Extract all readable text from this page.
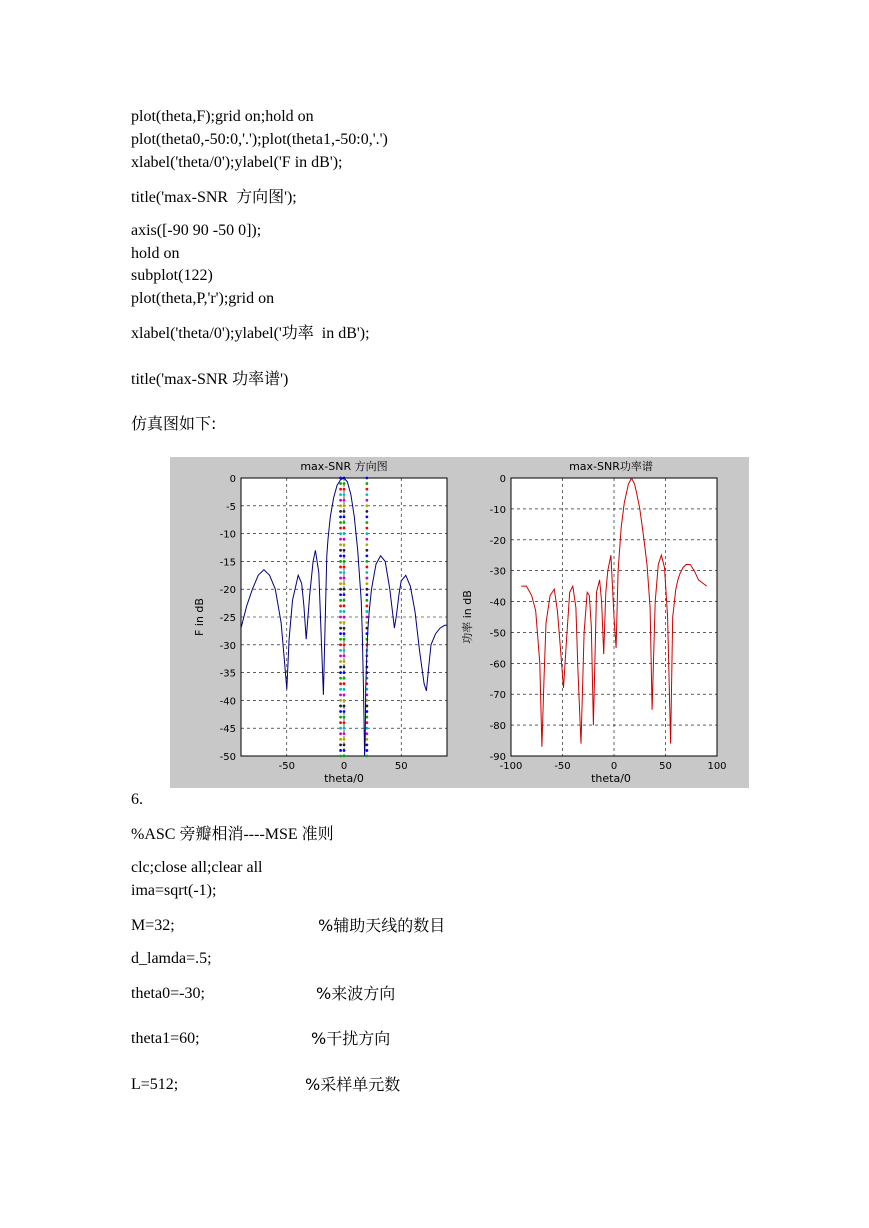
plot(theta,F);grid on;hold on
plot(theta0,-50:0,'.');plot(theta1,-50:0,'.')
xlabel('theta/0');ylabel('F in dB');
title('max-SNR  方向图');
axis([-90 90 -50 0]);
hold on
subplot(122)
plot(theta,P,'r');grid on
xlabel('theta/0');ylabel('功率  in dB');
title('max-SNR 功率谱')
仿真图如下:
0
-5
-10
-15
-20
-25
-30
-35
-40
-45
-50
-50	0	50
max-SNR 方向图
theta/0
F in dB
0
-10
-20
-30
-40
-50
-60
-70
-80
-90
-100	-50	0	50	100
max-SNR功率谱
theta/0
功率 in dB
6.
%ASC 旁瓣相消----MSE 准则
clc;close all;clear all
ima=sqrt(-1);
M=32;	%辅助天线的数目
d_lamda=.5;
theta0=-30;	%来波方向
theta1=60;	%干扰方向
L=512;	%采样单元数
